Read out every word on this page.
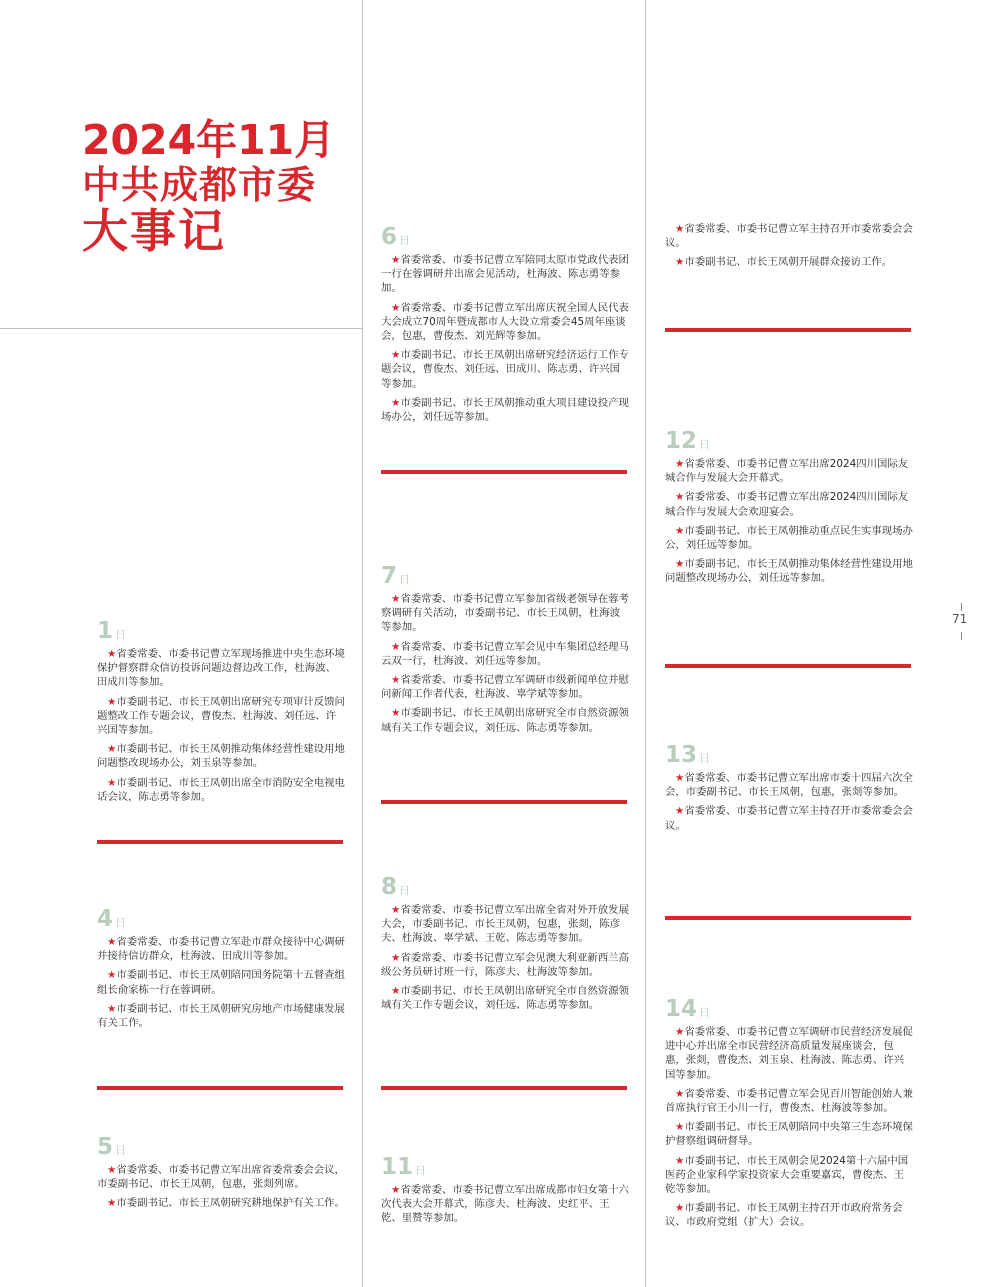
2024年11月
中共成都市委
大事记
1 日

★省委常委、市委书记曹立军现场推进中央生态环境保护督察群众信访投诉问题边督边改工作，杜海波、田成川等参加。

★市委副书记、市长王凤朝出席研究专项审计反馈问题整改工作专题会议，曹俊杰、杜海波、刘任远、许兴国等参加。

★市委副书记、市长王凤朝推动集体经营性建设用地问题整改现场办公，刘玉泉等参加。

★市委副书记、市长王凤朝出席全市消防安全电视电话会议，陈志勇等参加。

4 日

★省委常委、市委书记曹立军赴市群众接待中心调研并接待信访群众，杜海波、田成川等参加。

★市委副书记、市长王凤朝陪同国务院第十五督查组组长俞家栋一行在蓉调研。

★市委副书记、市长王凤朝研究房地产市场健康发展有关工作。

5 日

★省委常委、市委书记曹立军出席省委常委会会议，市委副书记、市长王凤朝，包惠，张剡列席。

★市委副书记、市长王凤朝研究耕地保护有关工作。

6 日

★省委常委、市委书记曹立军陪同太原市党政代表团一行在蓉调研并出席会见活动，杜海波、陈志勇等参加。

★省委常委、市委书记曹立军出席庆祝全国人民代表大会成立70周年暨成都市人大设立常委会45周年座谈会，包惠，曹俊杰、刘光辉等参加。

★市委副书记、市长王凤朝出席研究经济运行工作专题会议，曹俊杰、刘任远、田成川、陈志勇、许兴国等参加。

★市委副书记、市长王凤朝推动重大项目建设投产现场办公，刘任远等参加。

7 日

★省委常委、市委书记曹立军参加省级老领导在蓉考察调研有关活动，市委副书记、市长王凤朝，杜海波等参加。

★省委常委、市委书记曹立军会见中车集团总经理马云双一行，杜海波、刘任远等参加。

★省委常委、市委书记曹立军调研市级新闻单位并慰问新闻工作者代表，杜海波、辜学斌等参加。

★市委副书记、市长王凤朝出席研究全市自然资源领域有关工作专题会议，刘任远、陈志勇等参加。

8 日

★省委常委、市委书记曹立军出席全省对外开放发展大会，市委副书记、市长王凤朝，包惠，张剡，陈彦夫、杜海波、辜学斌、王乾、陈志勇等参加。

★省委常委、市委书记曹立军会见澳大利亚新西兰高级公务员研讨班一行，陈彦夫、杜海波等参加。

★市委副书记、市长王凤朝出席研究全市自然资源领域有关工作专题会议，刘任远、陈志勇等参加。

11 日

★省委常委、市委书记曹立军出席成都市妇女第十六次代表大会开幕式，陈彦夫、杜海波、史红平、王乾、里赞等参加。

★省委常委、市委书记曹立军主持召开市委常委会会议。

★市委副书记、市长王凤朝开展群众接访工作。

12 日

★省委常委、市委书记曹立军出席2024四川国际友城合作与发展大会开幕式。

★省委常委、市委书记曹立军出席2024四川国际友城合作与发展大会欢迎宴会。

★市委副书记、市长王凤朝推动重点民生实事现场办公，刘任远等参加。

★市委副书记、市长王凤朝推动集体经营性建设用地问题整改现场办公，刘任远等参加。

13 日

★省委常委、市委书记曹立军出席市委十四届六次全会，市委副书记、市长王凤朝，包惠，张剡等参加。

★省委常委、市委书记曹立军主持召开市委常委会会议。

14 日

★省委常委、市委书记曹立军调研市民营经济发展促进中心并出席全市民营经济高质量发展座谈会，包惠，张剡，曹俊杰、刘玉泉、杜海波、陈志勇、许兴国等参加。

★省委常委、市委书记曹立军会见百川智能创始人兼首席执行官王小川一行，曹俊杰、杜海波等参加。

★市委副书记、市长王凤朝陪同中央第三生态环境保护督察组调研督导。

★市委副书记、市长王凤朝会见2024第十六届中国医药企业家科学家投资家大会重要嘉宾，曹俊杰、王乾等参加。

★市委副书记、市长王凤朝主持召开市政府常务会议、市政府党组（扩大）会议。

71
